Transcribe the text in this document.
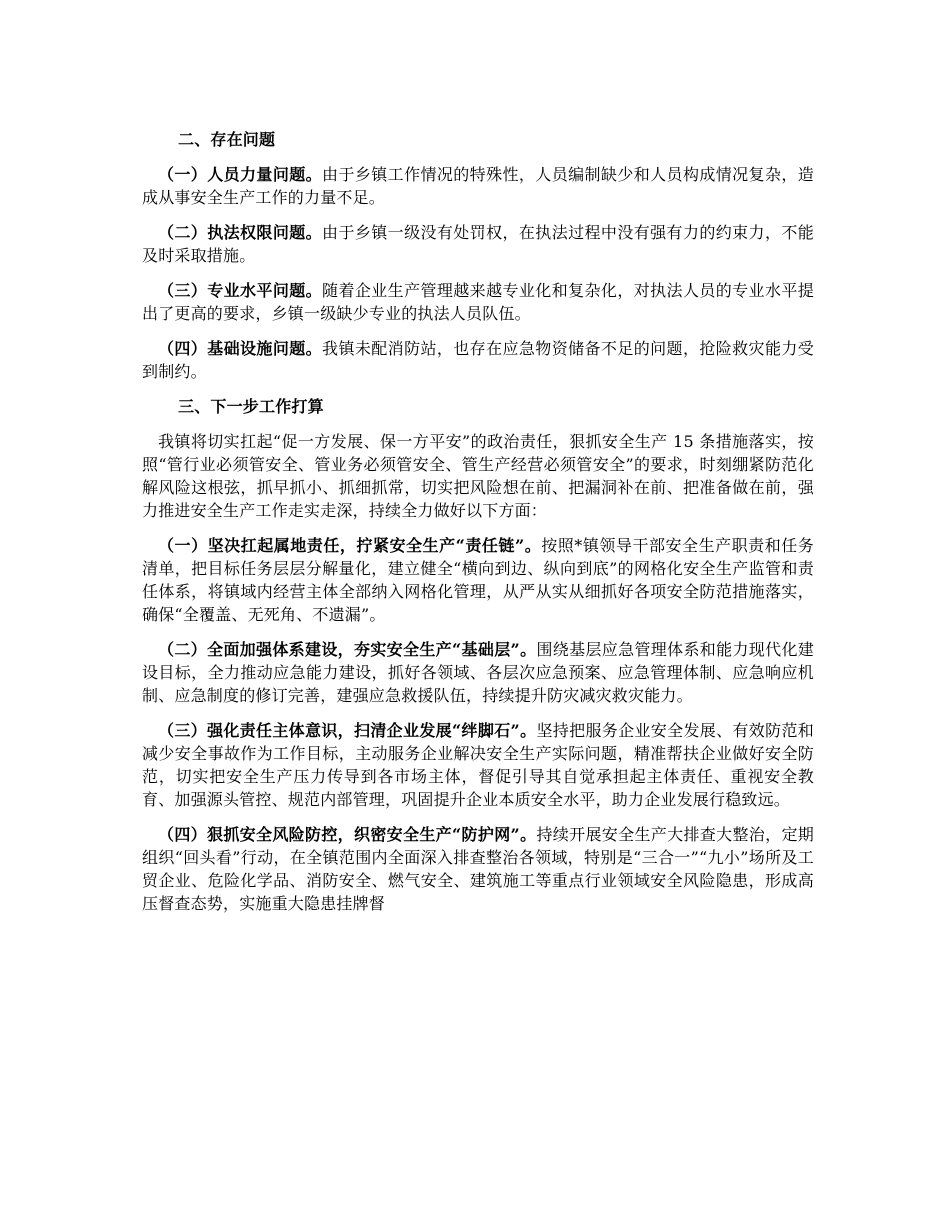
二、存在问题

（一）人员力量问题。由于乡镇工作情况的特殊性，人员编制缺少和人员构成情况复杂，造成从事安全生产工作的力量不足。

（二）执法权限问题。由于乡镇一级没有处罚权，在执法过程中没有强有力的约束力，不能及时采取措施。

（三）专业水平问题。随着企业生产管理越来越专业化和复杂化，对执法人员的专业水平提出了更高的要求，乡镇一级缺少专业的执法人员队伍。

（四）基础设施问题。我镇未配消防站，也存在应急物资储备不足的问题，抢险救灾能力受到制约。

三、下一步工作打算

我镇将切实扛起“促一方发展、保一方平安”的政治责任，狠抓安全生产 15 条措施落实，按照“管行业必须管安全、管业务必须管安全、管生产经营必须管安全”的要求，时刻绷紧防范化解风险这根弦，抓早抓小、抓细抓常，切实把风险想在前、把漏洞补在前、把准备做在前，强力推进安全生产工作走实走深，持续全力做好以下方面：

（一）坚决扛起属地责任，拧紧安全生产“责任链”。按照*镇领导干部安全生产职责和任务清单，把目标任务层层分解量化，建立健全“横向到边、纵向到底”的网格化安全生产监管和责任体系，将镇域内经营主体全部纳入网格化管理，从严从实从细抓好各项安全防范措施落实，确保“全覆盖、无死角、不遗漏”。

（二）全面加强体系建设，夯实安全生产“基础层”。围绕基层应急管理体系和能力现代化建设目标，全力推动应急能力建设，抓好各领域、各层次应急预案、应急管理体制、应急响应机制、应急制度的修订完善，建强应急救援队伍，持续提升防灾减灾救灾能力。

（三）强化责任主体意识，扫清企业发展“绊脚石”。坚持把服务企业安全发展、有效防范和减少安全事故作为工作目标，主动服务企业解决安全生产实际问题，精准帮扶企业做好安全防范，切实把安全生产压力传导到各市场主体，督促引导其自觉承担起主体责任、重视安全教育、加强源头管控、规范内部管理，巩固提升企业本质安全水平，助力企业发展行稳致远。

（四）狠抓安全风险防控，织密安全生产“防护网”。持续开展安全生产大排查大整治，定期组织“回头看”行动，在全镇范围内全面深入排查整治各领域，特别是“三合一”“九小”场所及工贸企业、危险化学品、消防安全、燃气安全、建筑施工等重点行业领域安全风险隐患，形成高压督查态势，实施重大隐患挂牌督
